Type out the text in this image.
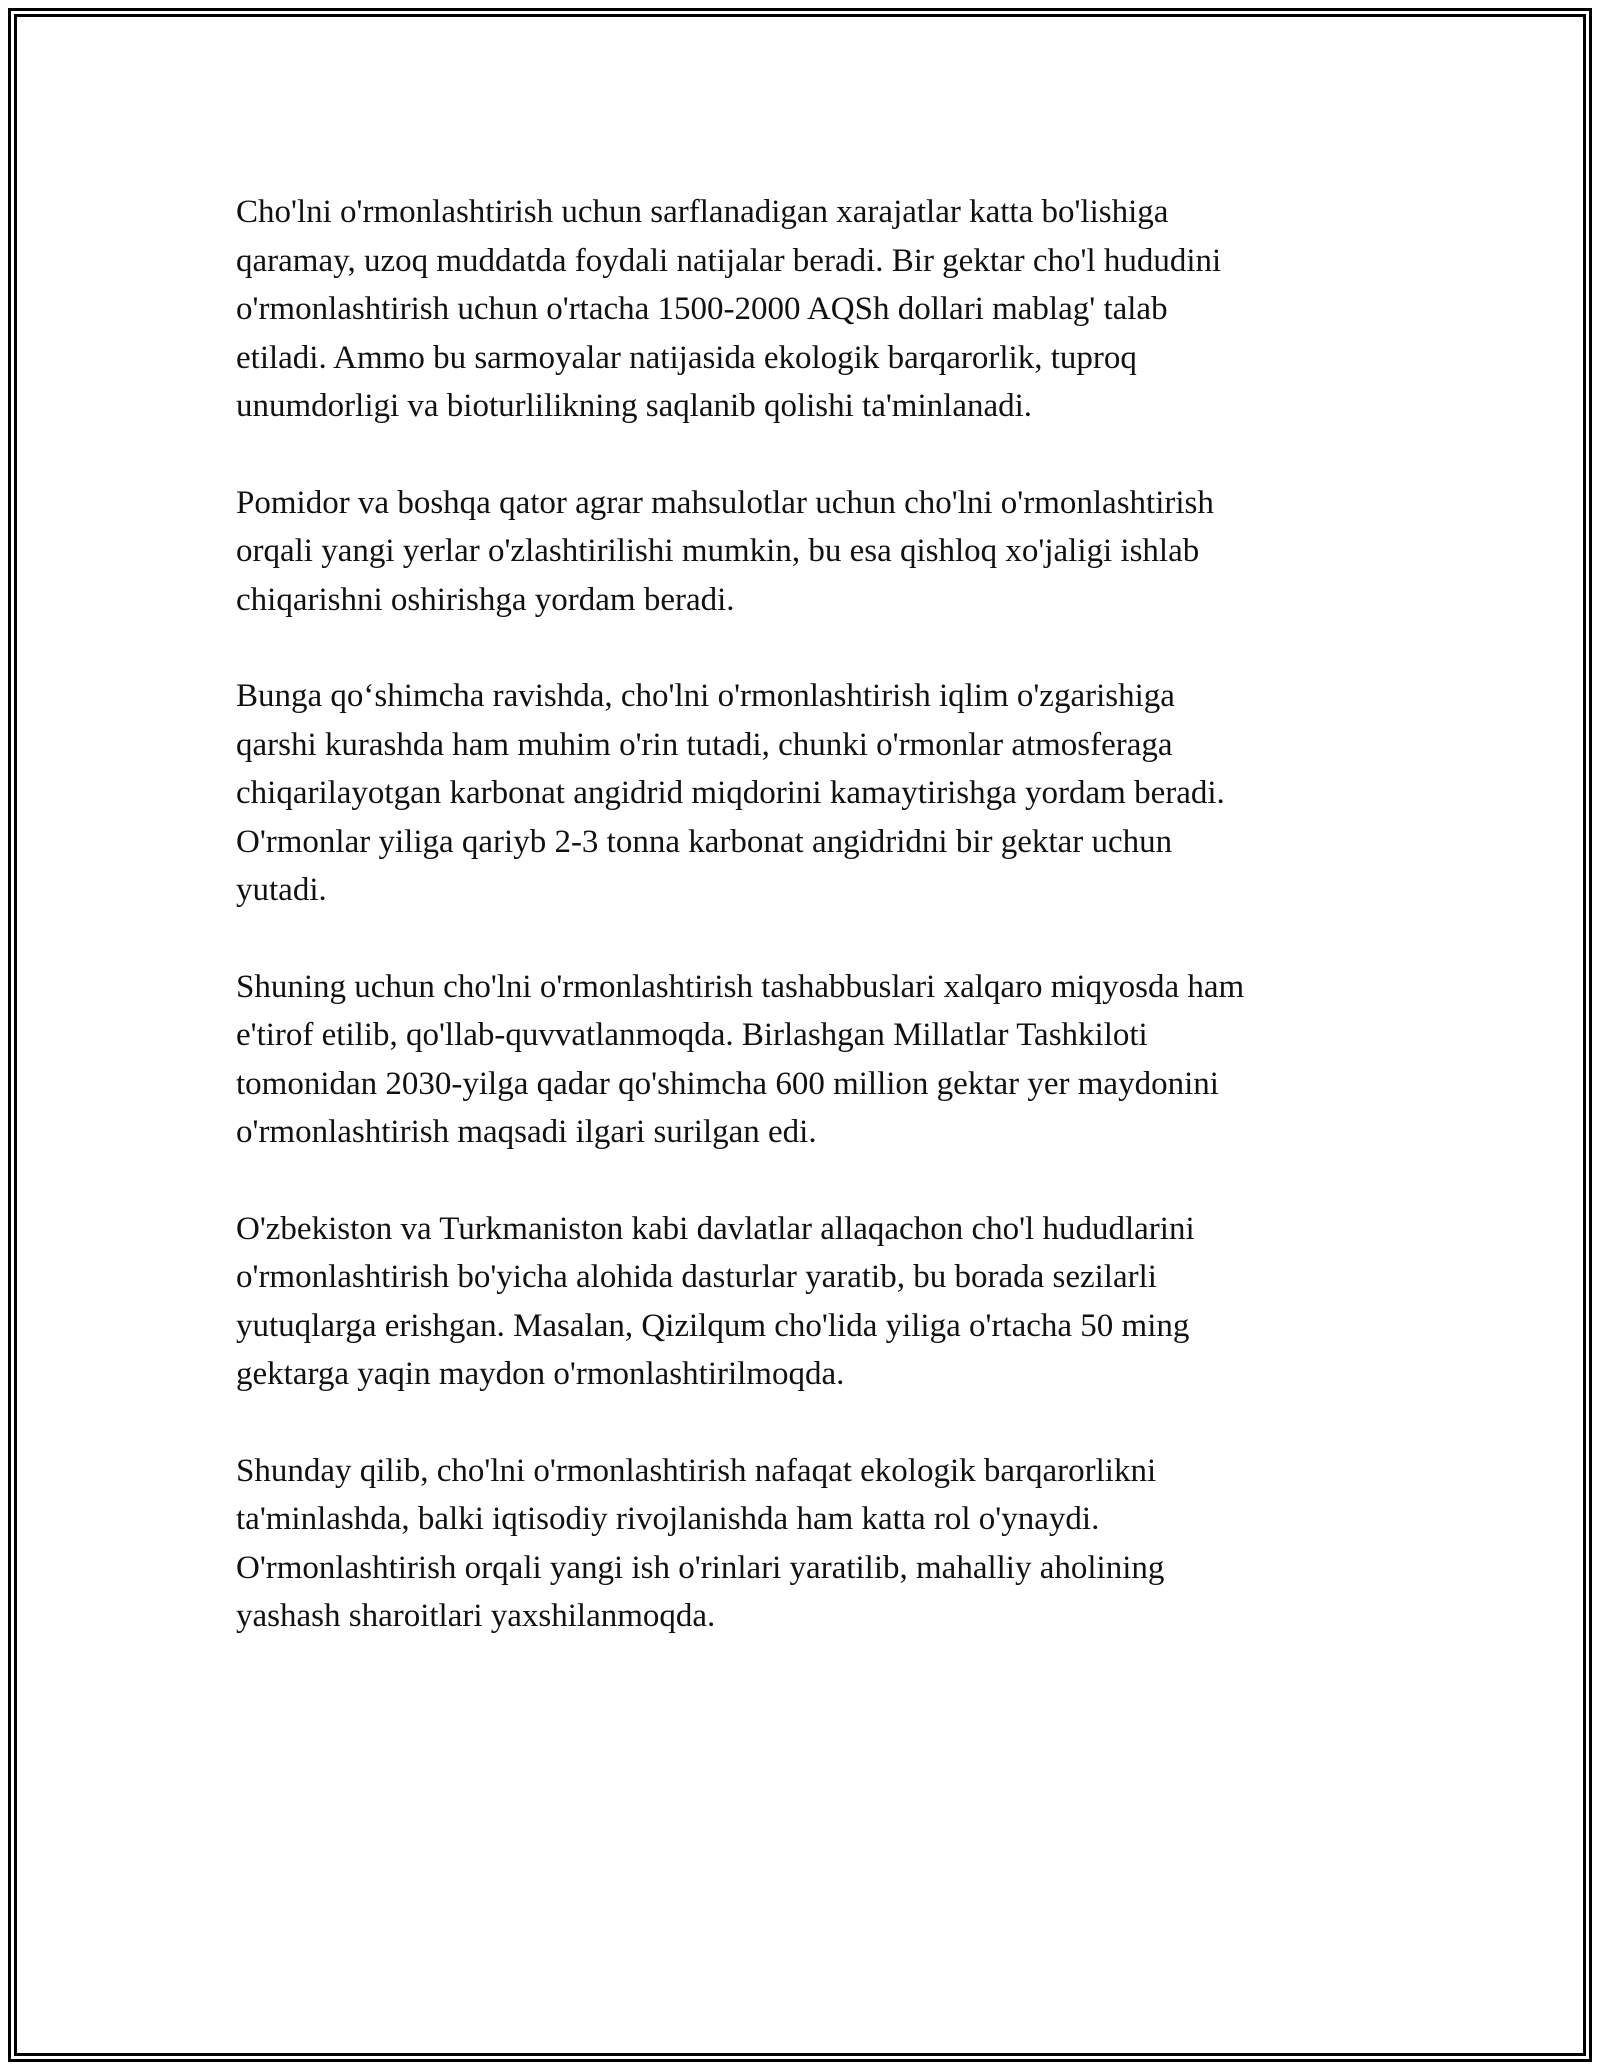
Cho'lni o'rmonlashtirish uchun sarflanadigan xarajatlar katta bo'lishiga
qaramay, uzoq muddatda foydali natijalar beradi. Bir gektar cho'l hududini
o'rmonlashtirish uchun o'rtacha 1500-2000 AQSh dollari mablag' talab
etiladi. Ammo bu sarmoyalar natijasida ekologik barqarorlik, tuproq
unumdorligi va bioturlilikning saqlanib qolishi ta'minlanadi.

Pomidor va boshqa qator agrar mahsulotlar uchun cho'lni o'rmonlashtirish
orqali yangi yerlar o'zlashtirilishi mumkin, bu esa qishloq xo'jaligi ishlab
chiqarishni oshirishga yordam beradi.

Bunga qo‘shimcha ravishda, cho'lni o'rmonlashtirish iqlim o'zgarishiga
qarshi kurashda ham muhim o'rin tutadi, chunki o'rmonlar atmosferaga
chiqarilayotgan karbonat angidrid miqdorini kamaytirishga yordam beradi.
O'rmonlar yiliga qariyb 2-3 tonna karbonat angidridni bir gektar uchun
yutadi.

Shuning uchun cho'lni o'rmonlashtirish tashabbuslari xalqaro miqyosda ham
e'tirof etilib, qo'llab-quvvatlanmoqda. Birlashgan Millatlar Tashkiloti
tomonidan 2030-yilga qadar qo'shimcha 600 million gektar yer maydonini
o'rmonlashtirish maqsadi ilgari surilgan edi.

O'zbekiston va Turkmaniston kabi davlatlar allaqachon cho'l hududlarini
o'rmonlashtirish bo'yicha alohida dasturlar yaratib, bu borada sezilarli
yutuqlarga erishgan. Masalan, Qizilqum cho'lida yiliga o'rtacha 50 ming
gektarga yaqin maydon o'rmonlashtirilmoqda.

Shunday qilib, cho'lni o'rmonlashtirish nafaqat ekologik barqarorlikni
ta'minlashda, balki iqtisodiy rivojlanishda ham katta rol o'ynaydi.
O'rmonlashtirish orqali yangi ish o'rinlari yaratilib, mahalliy aholining
yashash sharoitlari yaxshilanmoqda.
